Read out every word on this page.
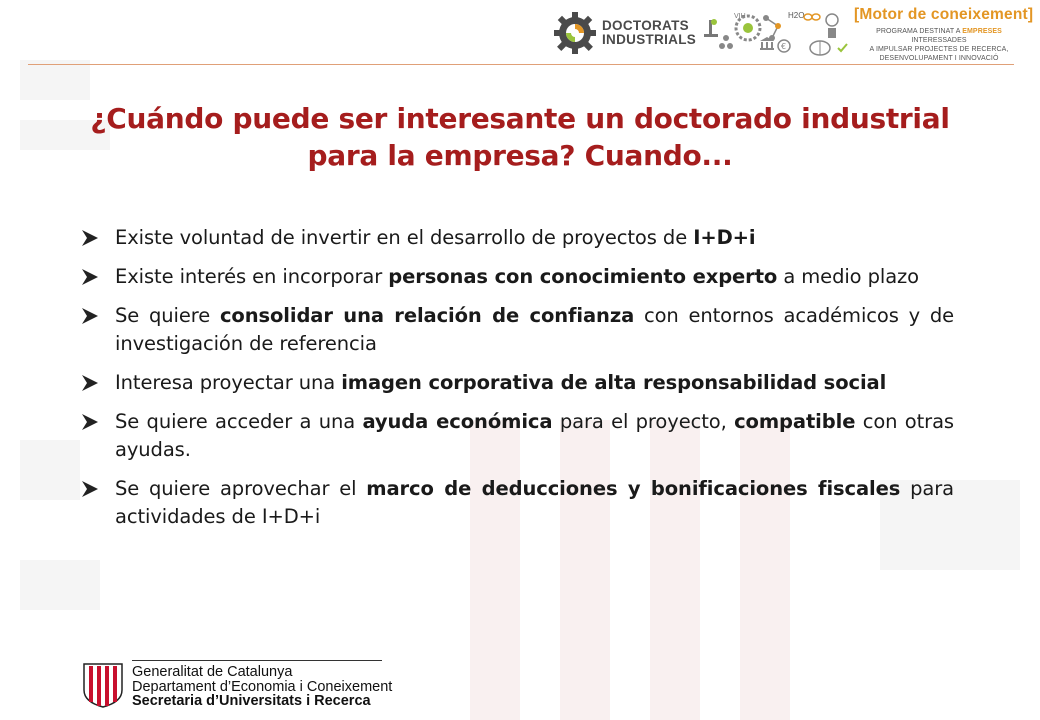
DOCTORATS
INDUSTRIALS
VIH	H2O
€
[Motor de coneixement]
PROGRAMA DESTINAT A EMPRESES INTERESSADES
A IMPULSAR PROJECTES DE RECERCA,
DESENVOLUPAMENT I INNOVACIÓ
¿Cuándo puede ser interesante un doctorado industrial
para la empresa? Cuando...
Existe voluntad de invertir en el desarrollo de proyectos de I+D+i
Existe interés en incorporar personas con conocimiento experto a medio plazo
Se quiere consolidar una relación de confianza con entornos académicos y de investigación de referencia
Interesa proyectar una imagen corporativa de alta responsabilidad social
Se quiere acceder a una ayuda económica para el proyecto, compatible con otras ayudas.
Se quiere aprovechar el marco de deducciones y bonificaciones fiscales para actividades de I+D+i
Generalitat de Catalunya
Departament d’Economia i Coneixement
Secretaria d’Universitats i Recerca
